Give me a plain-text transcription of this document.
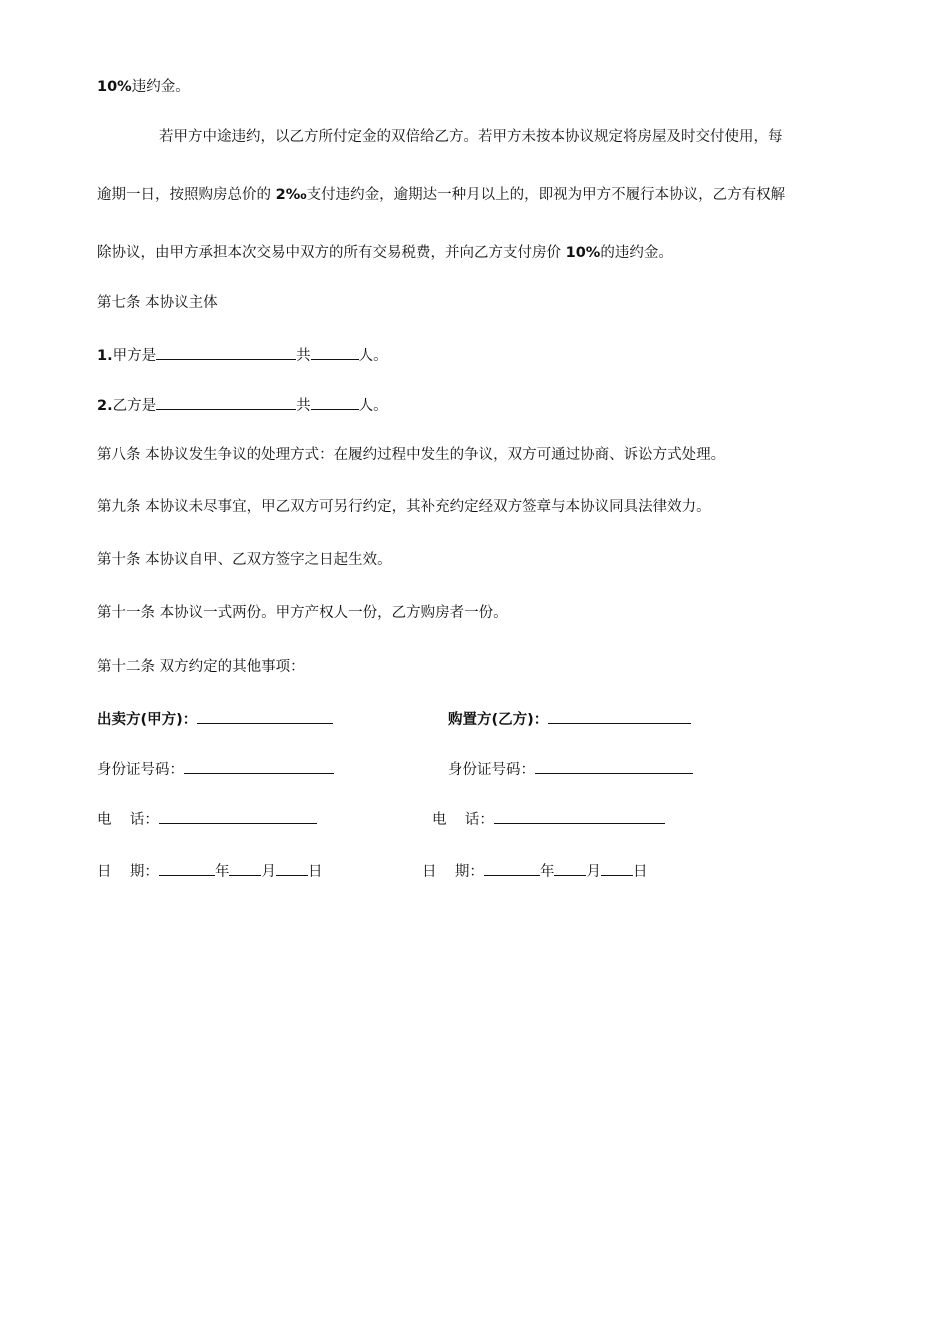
10%违约金。
若甲方中途违约，以乙方所付定金的双倍给乙方。若甲方未按本协议规定将房屋及时交付使用，每
逾期一日，按照购房总价的 2‰支付违约金，逾期达一种月以上的，即视为甲方不履行本协议，乙方有权解
除协议，由甲方承担本次交易中双方的所有交易税费，并向乙方支付房价 10%的违约金。
第七条 本协议主体
1.甲方是	共	人。
2.乙方是	共	人。
第八条 本协议发生争议的处理方式：在履约过程中发生的争议，双方可通过协商、诉讼方式处理。
第九条 本协议未尽事宜，甲乙双方可另行约定，其补充约定经双方签章与本协议同具法律效力。
第十条 本协议自甲、乙双方签字之日起生效。
第十一条 本协议一式两份。甲方产权人一份，乙方购房者一份。
第十二条 双方约定的其他事项：
出卖方(甲方)：	购置方(乙方)：
身份证号码：	身份证号码：
电    话：	电    话：
日    期：	年 月 日	日    期：	年 月 日
